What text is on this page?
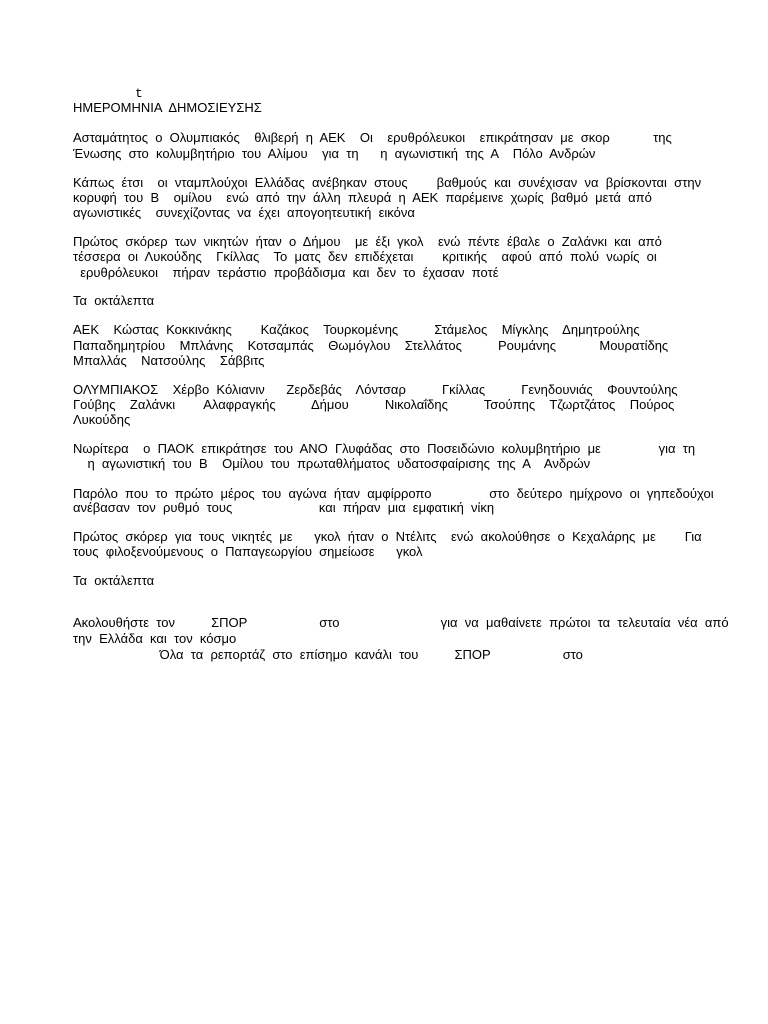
t
ΗΜΕΡΟΜΗΝΙΑ  ΔΗΜΟΣΙΕΥΣΗΣ
Ασταμάτητος  ο  Ολυμπιακός    θλιβερή  η  ΑΕΚ    Οι    ερυθρόλευκοι    επικράτησαν  με  σκορ            της
Ένωσης  στο  κολυμβητήριο  του  Αλίμου    για  τη      η  αγωνιστική  της  Α    Πόλο  Ανδρών
Κάπως  έτσι    οι  νταμπλούχοι  Ελλάδας  ανέβηκαν  στους        βαθμούς  και  συνέχισαν  να  βρίσκονται  στην
κορυφή  του  Β    ομίλου    ενώ  από  την  άλλη  πλευρά  η  ΑΕΚ  παρέμεινε  χωρίς  βαθμό  μετά  από
αγωνιστικές    συνεχίζοντας  να  έχει  απογοητευτική  εικόνα
Πρώτος  σκόρερ  των  νικητών  ήταν  ο  Δήμου    με  έξι  γκολ    ενώ  πέντε  έβαλε  ο  Ζαλάνκι  και  από
τέσσερα  οι  Λυκούδης    Γκίλλας    Το  ματς  δεν  επιδέχεται        κριτικής    αφού  από  πολύ  νωρίς  οι
ερυθρόλευκοι    πήραν  τεράστιο  προβάδισμα  και  δεν  το  έχασαν  ποτέ
Τα  οκτάλεπτα
ΑΕΚ    Κώστας  Κοκκινάκης        Καζάκος    Τουρκομένης          Στάμελος    Μίγκλης    Δημητρούλης
Παπαδημητρίου    Μπλάνης    Κοτσαμπάς    Θωμόγλου    Στελλάτος          Ρουμάνης            Μουρατίδης
Μπαλλάς    Νατσούλης    Σάββιτς
ΟΛΥΜΠΙΑΚΟΣ    Χέρβο  Κόλιανιν      Ζερδεβάς    Λόντσαρ          Γκίλλας          Γενηδουνιάς    Φουντούλης
Γούβης    Ζαλάνκι        Αλαφραγκής          Δήμου          Νικολαΐδης          Τσούπης    Τζωρτζάτος    Πούρος
Λυκούδης
Νωρίτερα    ο  ΠΑΟΚ  επικράτησε  του  ΑΝΟ  Γλυφάδας  στο  Ποσειδώνιο  κολυμβητήριο  με                για  τη
η  αγωνιστική  του  Β    Ομίλου  του  πρωταθλήματος  υδατοσφαίρισης  της  Α    Ανδρών
Παρόλο  που  το  πρώτο  μέρος  του  αγώνα  ήταν  αμφίρροπο                στο  δεύτερο  ημίχρονο  οι  γηπεδούχοι
ανέβασαν  τον  ρυθμό  τους                        και  πήραν  μια  εμφατική  νίκη
Πρώτος  σκόρερ  για  τους  νικητές  με      γκολ  ήταν  ο  Ντέλιτς    ενώ  ακολούθησε  ο  Κεχαλάρης  με        Για
τους  φιλοξενούμενους  ο  Παπαγεωργίου  σημείωσε      γκολ
Τα  οκτάλεπτα
Ακολουθήστε  τον          ΣΠΟΡ                    στο                            για  να  μαθαίνετε  πρώτοι  τα  τελευταία  νέα  από
την  Ελλάδα  και  τον  κόσμο
Όλα  τα  ρεπορτάζ  στο  επίσημο  κανάλι  του          ΣΠΟΡ                    στο
